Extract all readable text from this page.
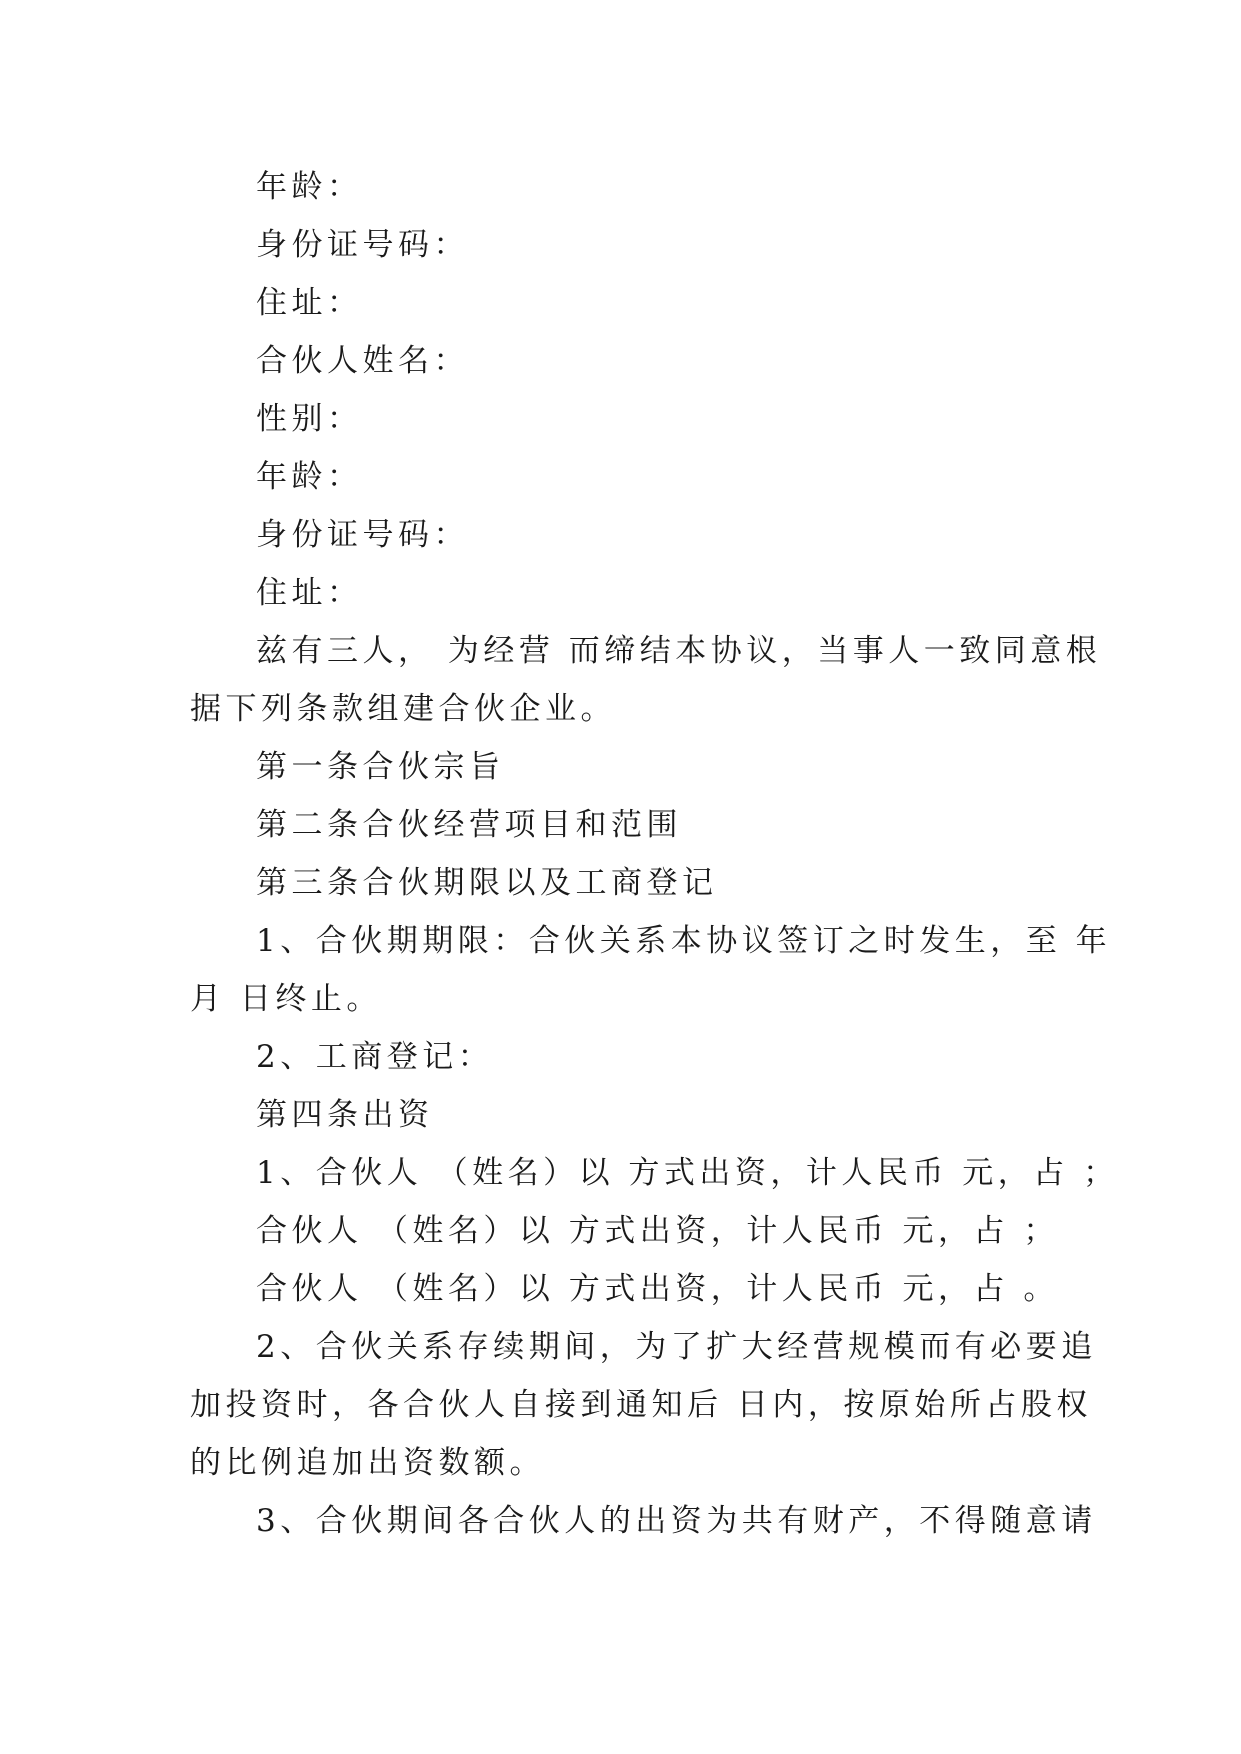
年龄：

身份证号码：

住址：

合伙人姓名：

性别：

年龄：

身份证号码：

住址：

兹有三人， 为经营 而缔结本协议，当事人一致同意根

据下列条款组建合伙企业。

第一条合伙宗旨

第二条合伙经营项目和范围

第三条合伙期限以及工商登记

1、合伙期期限：合伙关系本协议签订之时发生，至 年

月 日终止。

2、工商登记：

第四条出资

1、合伙人 （姓名）以 方式出资，计人民币 元，占 ；

合伙人 （姓名）以 方式出资，计人民币 元，占 ；

合伙人 （姓名）以 方式出资，计人民币 元，占 。

2、合伙关系存续期间，为了扩大经营规模而有必要追

加投资时，各合伙人自接到通知后 日内，按原始所占股权

的比例追加出资数额。

3、合伙期间各合伙人的出资为共有财产，不得随意请
